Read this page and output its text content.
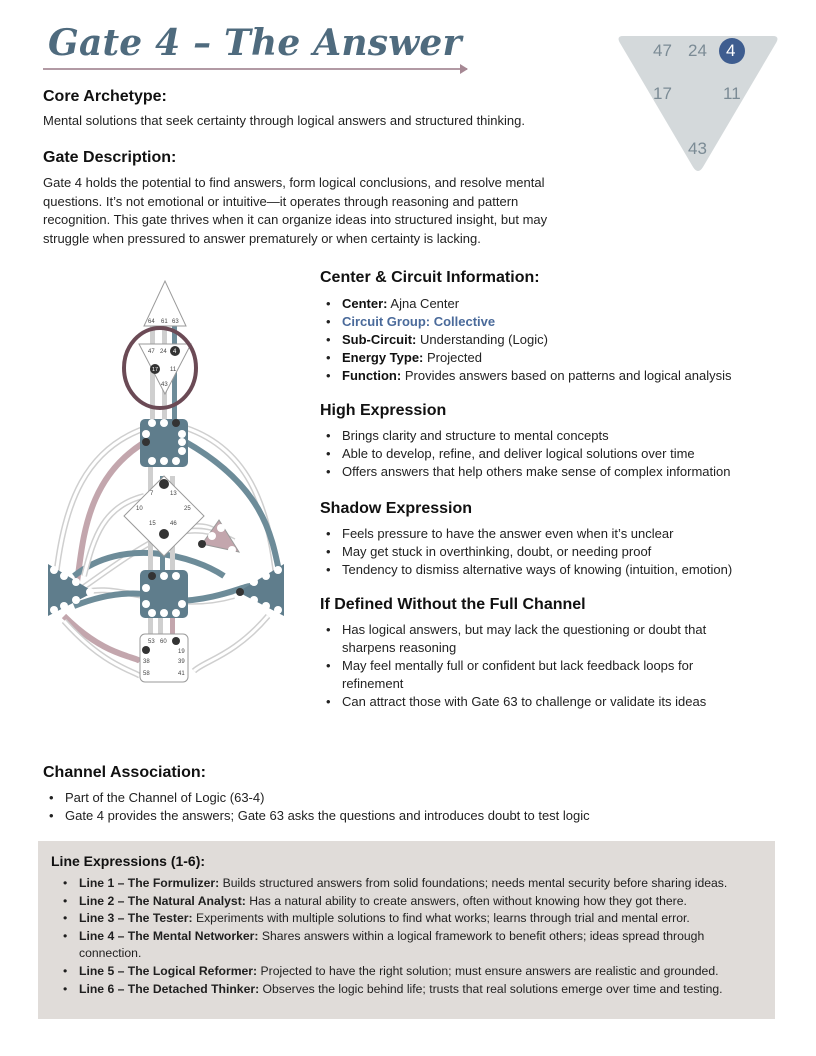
Gate 4 – The Answer	47 24 4
17	11
43
Core Archetype:
Mental solutions that seek certainty through logical answers and structured thinking.
Gate Description:
Gate 4 holds the potential to find answers, form logical conclusions, and resolve mental questions. It’s not emotional or intuitive—it operates through reasoning and pattern recognition. This gate thrives when it can organize ideas into structured insight, but may struggle when pressured to answer prematurely or when certainty is lacking.
64 61 63
47 24 4
17 11
43
7	13
10	25
15 46
53 60
19
38	39
58	41
Center & Circuit Information:
• Center: Ajna Center
• Circuit Group: Collective
• Sub-Circuit: Understanding (Logic)
• Energy Type: Projected
• Function: Provides answers based on patterns and logical analysis
High Expression
• Brings clarity and structure to mental concepts
• Able to develop, refine, and deliver logical solutions over time
• Offers answers that help others make sense of complex information
Shadow Expression
• Feels pressure to have the answer even when it’s unclear
• May get stuck in overthinking, doubt, or needing proof
• Tendency to dismiss alternative ways of knowing (intuition, emotion)
If Defined Without the Full Channel
• Has logical answers, but may lack the questioning or doubt that sharpens reasoning
• May feel mentally full or confident but lack feedback loops for refinement
• Can attract those with Gate 63 to challenge or validate its ideas
Channel Association:
• Part of the Channel of Logic (63-4)
• Gate 4 provides the answers; Gate 63 asks the questions and introduces doubt to test logic
Line Expressions (1-6):
• Line 1 – The Formulizer: Builds structured answers from solid foundations; needs mental security before sharing ideas.
• Line 2 – The Natural Analyst: Has a natural ability to create answers, often without knowing how they got there.
• Line 3 – The Tester: Experiments with multiple solutions to find what works; learns through trial and mental error.
• Line 4 – The Mental Networker: Shares answers within a logical framework to benefit others; ideas spread through connection.
• Line 5 – The Logical Reformer: Projected to have the right solution; must ensure answers are realistic and grounded.
• Line 6 – The Detached Thinker: Observes the logic behind life; trusts that real solutions emerge over time and testing.
